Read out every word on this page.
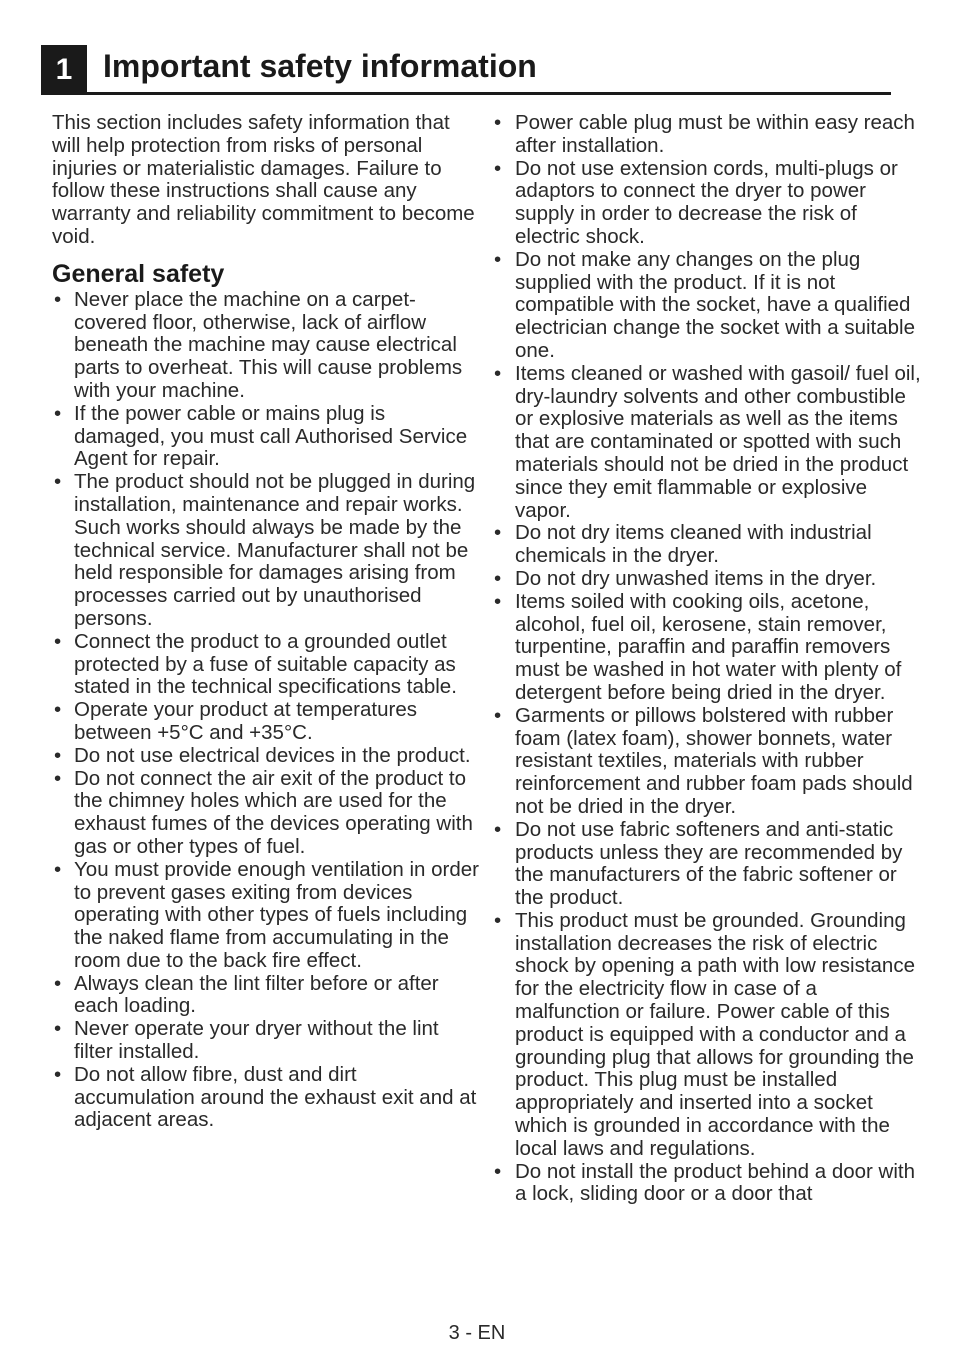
1 Important safety information

This section includes safety information that will help protection from risks of personal injuries or materialistic damages. Failure to follow these instructions shall cause any warranty and reliability commitment to become void.

General safety
• Never place the machine on a carpet-covered floor, otherwise, lack of airflow beneath the machine may cause electrical parts to overheat. This will cause problems with your machine.
• If the power cable or mains plug is damaged, you must call Authorised Service Agent for repair.
• The product should not be plugged in during installation, maintenance and repair works. Such works should always be made by the technical service. Manufacturer shall not be held responsible for damages arising from processes carried out by unauthorised persons.
• Connect the product to a grounded outlet protected by a fuse of suitable capacity as stated in the technical specifications table.
• Operate your product at temperatures between +5°C and +35°C.
• Do not use electrical devices in the product.
• Do not connect the air exit of the product to the chimney holes which are used for the exhaust fumes of the devices operating with gas or other types of fuel.
• You must provide enough ventilation in order to prevent gases exiting from devices operating with other types of fuels including the naked flame from accumulating in the room due to the back fire effect.
• Always clean the lint filter before or after each loading.
• Never operate your dryer without the lint filter installed.
• Do not allow fibre, dust and dirt accumulation around the exhaust exit and at adjacent areas.
• Power cable plug must be within easy reach after installation.
• Do not use extension cords, multi-plugs or adaptors to connect the dryer to power supply in order to decrease the risk of electric shock.
• Do not make any changes on the plug supplied with the product. If it is not compatible with the socket, have a qualified electrician change the socket with a suitable one.
• Items cleaned or washed with gasoil/ fuel oil, dry-laundry solvents and other combustible or explosive materials as well as the items that are contaminated or spotted with such materials should not be dried in the product since they emit flammable or explosive vapor.
• Do not dry items cleaned with industrial chemicals in the dryer.
• Do not dry unwashed items in the dryer.
• Items soiled with cooking oils, acetone, alcohol, fuel oil, kerosene, stain remover, turpentine, paraffin and paraffin removers must be washed in hot water with plenty of detergent before being dried in the dryer.
• Garments or pillows bolstered with rubber foam (latex foam), shower bonnets, water resistant textiles, materials with rubber reinforcement and rubber foam pads should not be dried in the dryer.
• Do not use fabric softeners and anti-static products unless they are recommended by the manufacturers of the fabric softener or the product.
• This product must be grounded. Grounding installation decreases the risk of electric shock by opening a path with low resistance for the electricity flow in case of a malfunction or failure. Power cable of this product is equipped with a conductor and a grounding plug that allows for grounding the product. This plug must be installed appropriately and inserted into a socket which is grounded in accordance with the local laws and regulations.
• Do not install the product behind a door with a lock, sliding door or a door that
3 - EN
